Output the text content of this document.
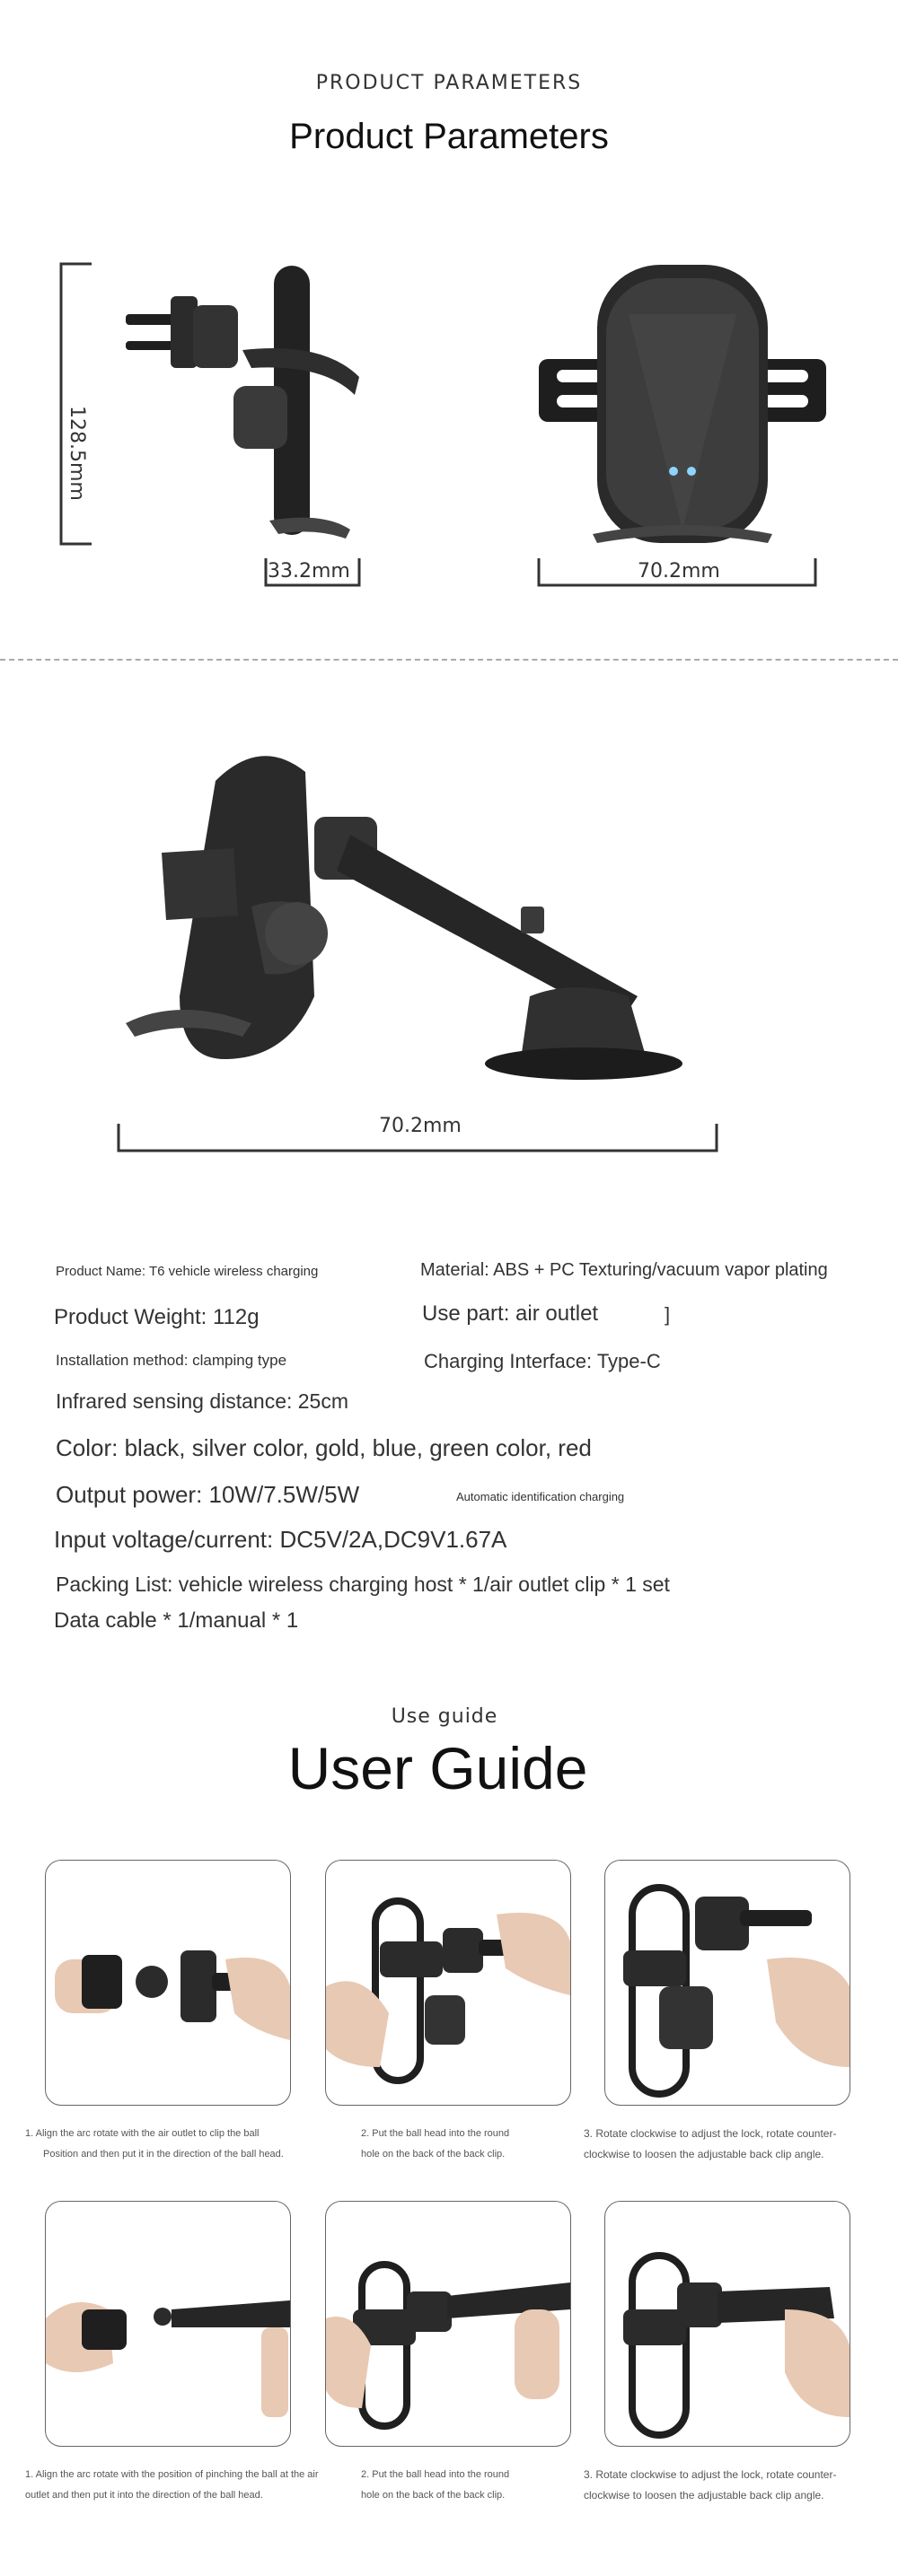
PRODUCT PARAMETERS
Product Parameters
128.5mm
33.2mm	70.2mm
70.2mm
Product Name: T6 vehicle wireless charging	Material: ABS + PC Texturing/vacuum vapor plating
Product Weight: 112g	Use part: air outlet	]
Installation method: clamping type	Charging Interface: Type-C
Infrared sensing distance: 25cm
Color: black, silver color, gold, blue, green color, red
Output power: 10W/7.5W/5W	Automatic identification charging
Input voltage/current: DC5V/2A,DC9V1.67A
Packing List: vehicle wireless charging host * 1/air outlet clip * 1 set
Data cable * 1/manual * 1
Use guide
User Guide
1. Align the arc rotate with the air outlet to clip the ball
Position and then put it in the direction of the ball head.
2. Put the ball head into the round
hole on the back of the back clip.
3. Rotate clockwise to adjust the lock, rotate counter-
clockwise to loosen the adjustable back clip angle.
1. Align the arc rotate with the position of pinching the ball at the air
outlet and then put it into the direction of the ball head.
2. Put the ball head into the round
hole on the back of the back clip.
3. Rotate clockwise to adjust the lock, rotate counter-
clockwise to loosen the adjustable back clip angle.
